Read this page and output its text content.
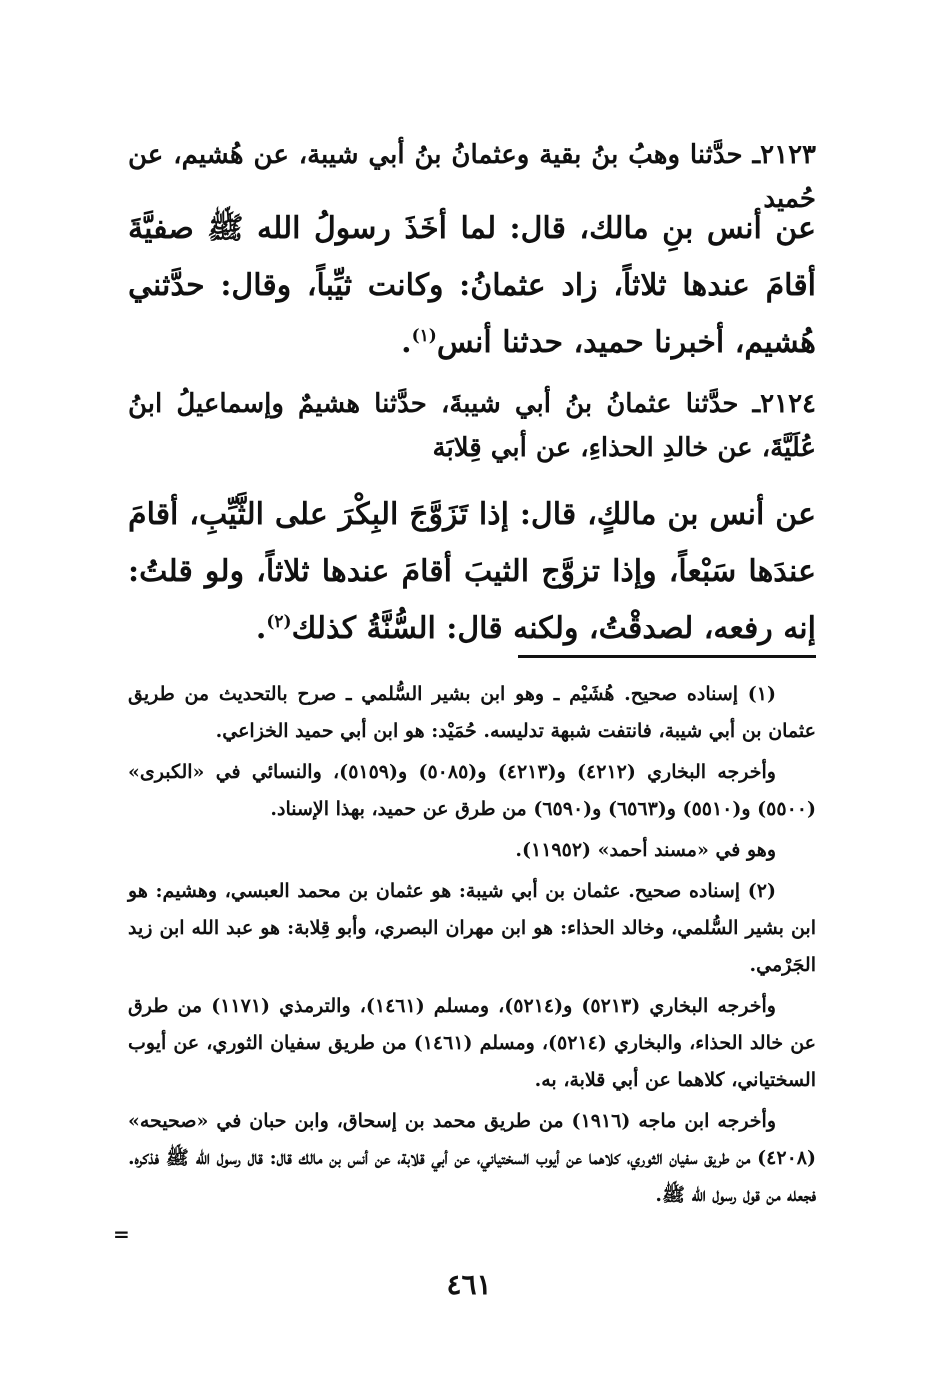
٢١٢٣ـ حدَّثنا وهبُ بنُ بقية وعثمانُ بنُ أبي شيبة، عن هُشيم، عن حُميد
عن أنس بنِ مالك، قال: لما أخَذَ رسولُ الله ﷺ صفيَّةَ أقامَ عندها ثلاثاً، زاد عثمانُ: وكانت ثيِّباً، وقال: حدَّثني هُشيم، أخبرنا حميد، حدثنا أنس$^{(١)}$.
٢١٢٤ـ حدَّثنا عثمانُ بنُ أبي شيبةَ، حدَّثنا هشيمٌ وإسماعيلُ ابنُ عُلَيَّةَ، عن خالدِ الحذاءِ، عن أبي قِلابَة
عن أنس بن مالكٍ، قال: إذا تَزَوَّجَ البِكْرَ على الثَّيِّبِ، أقامَ عندَها سَبْعاً، وإذا تزوَّج الثيبَ أقامَ عندها ثلاثاً، ولو قلتُ: إنه رفعه، لصدقْتُ، ولكنه قال: السُّنَّةُ كذلك$^{(٢)}$.

(١) إسناده صحيح. هُشَيْم ـ وهو ابن بشير السُّلمي ـ صرح بالتحديث من طريق عثمان بن أبي شيبة، فانتفت شبهة تدليسه. حُمَيْد: هو ابن أبي حميد الخزاعي.

وأخرجه البخاري (٤٢١٢) و(٤٢١٣) و(٥٠٨٥) و(٥١٥٩)، والنسائي في «الكبرى» (٥٥٠٠) و(٥٥١٠) و(٦٥٦٣) و(٦٥٩٠) من طرق عن حميد، بهذا الإسناد.

وهو في «مسند أحمد» (١١٩٥٢).

(٢) إسناده صحيح. عثمان بن أبي شيبة: هو عثمان بن محمد العبسي، وهشيم: هو ابن بشير السُّلمي، وخالد الحذاء: هو ابن مهران البصري، وأبو قِلابة: هو عبد الله ابن زيد الجَرْمي.

وأخرجه البخاري (٥٢١٣) و(٥٢١٤)، ومسلم (١٤٦١)، والترمذي (١١٧١) من طرق عن خالد الحذاء، والبخاري (٥٢١٤)، ومسلم (١٤٦١) من طريق سفيان الثوري، عن أيوب السختياني، كلاهما عن أبي قلابة، به.

وأخرجه ابن ماجه (١٩١٦) من طريق محمد بن إسحاق، وابن حبان في «صحيحه» (٤٢٠٨) من طريق سفيان الثوري، كلاهما عن أيوب السختياني، عن أبي قلابة، عن أنس بن مالك قال: قال رسول الله ﷺ فذكره. فجعله من قول رسول الله ﷺ.

=
٤٦١
